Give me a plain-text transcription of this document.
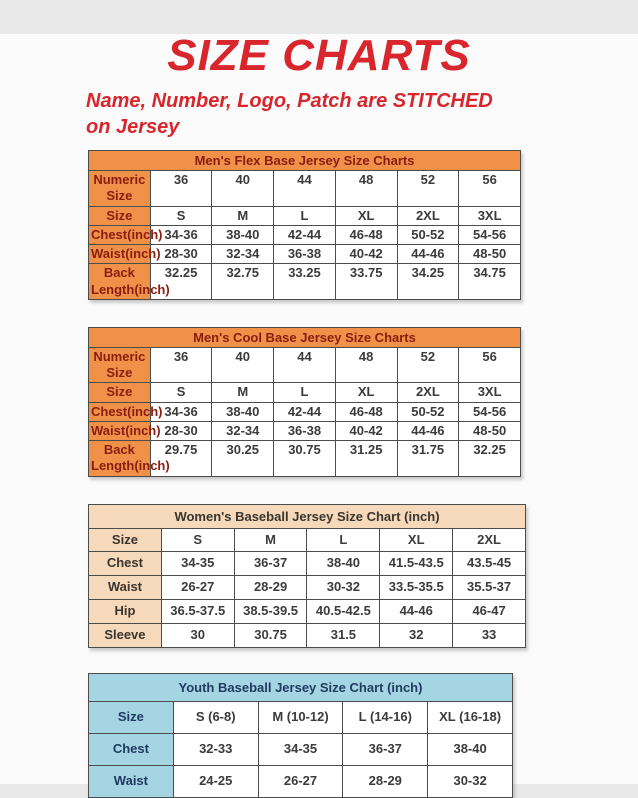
SIZE CHARTS

Name, Number, Logo, Patch are STITCHED
on Jersey

Men's Flex Base Jersey Size Charts						
Numeric Size	36	40	44	48	52	56
Size	S	M	L	XL	2XL	3XL
Chest(inch)	34-36	38-40	42-44	46-48	50-52	54-56
Waist(inch)	28-30	32-34	36-38	40-42	44-46	48-50
Back Length(inch)	32.25	32.75	33.25	33.75	34.25	34.75
Men's Cool Base Jersey Size Charts						
Numeric Size	36	40	44	48	52	56
Size	S	M	L	XL	2XL	3XL
Chest(inch)	34-36	38-40	42-44	46-48	50-52	54-56
Waist(inch)	28-30	32-34	36-38	40-42	44-46	48-50
Back Length(inch)	29.75	30.25	30.75	31.25	31.75	32.25
Women's Baseball Jersey Size Chart (inch)					
Size	S	M	L	XL	2XL
Chest	34-35	36-37	38-40	41.5-43.5	43.5-45
Waist	26-27	28-29	30-32	33.5-35.5	35.5-37
Hip	36.5-37.5	38.5-39.5	40.5-42.5	44-46	46-47
Sleeve	30	30.75	31.5	32	33
Youth Baseball Jersey Size Chart (inch)				
Size	S (6-8)	M (10-12)	L (14-16)	XL (16-18)
Chest	32-33	34-35	36-37	38-40
Waist	24-25	26-27	28-29	30-32
